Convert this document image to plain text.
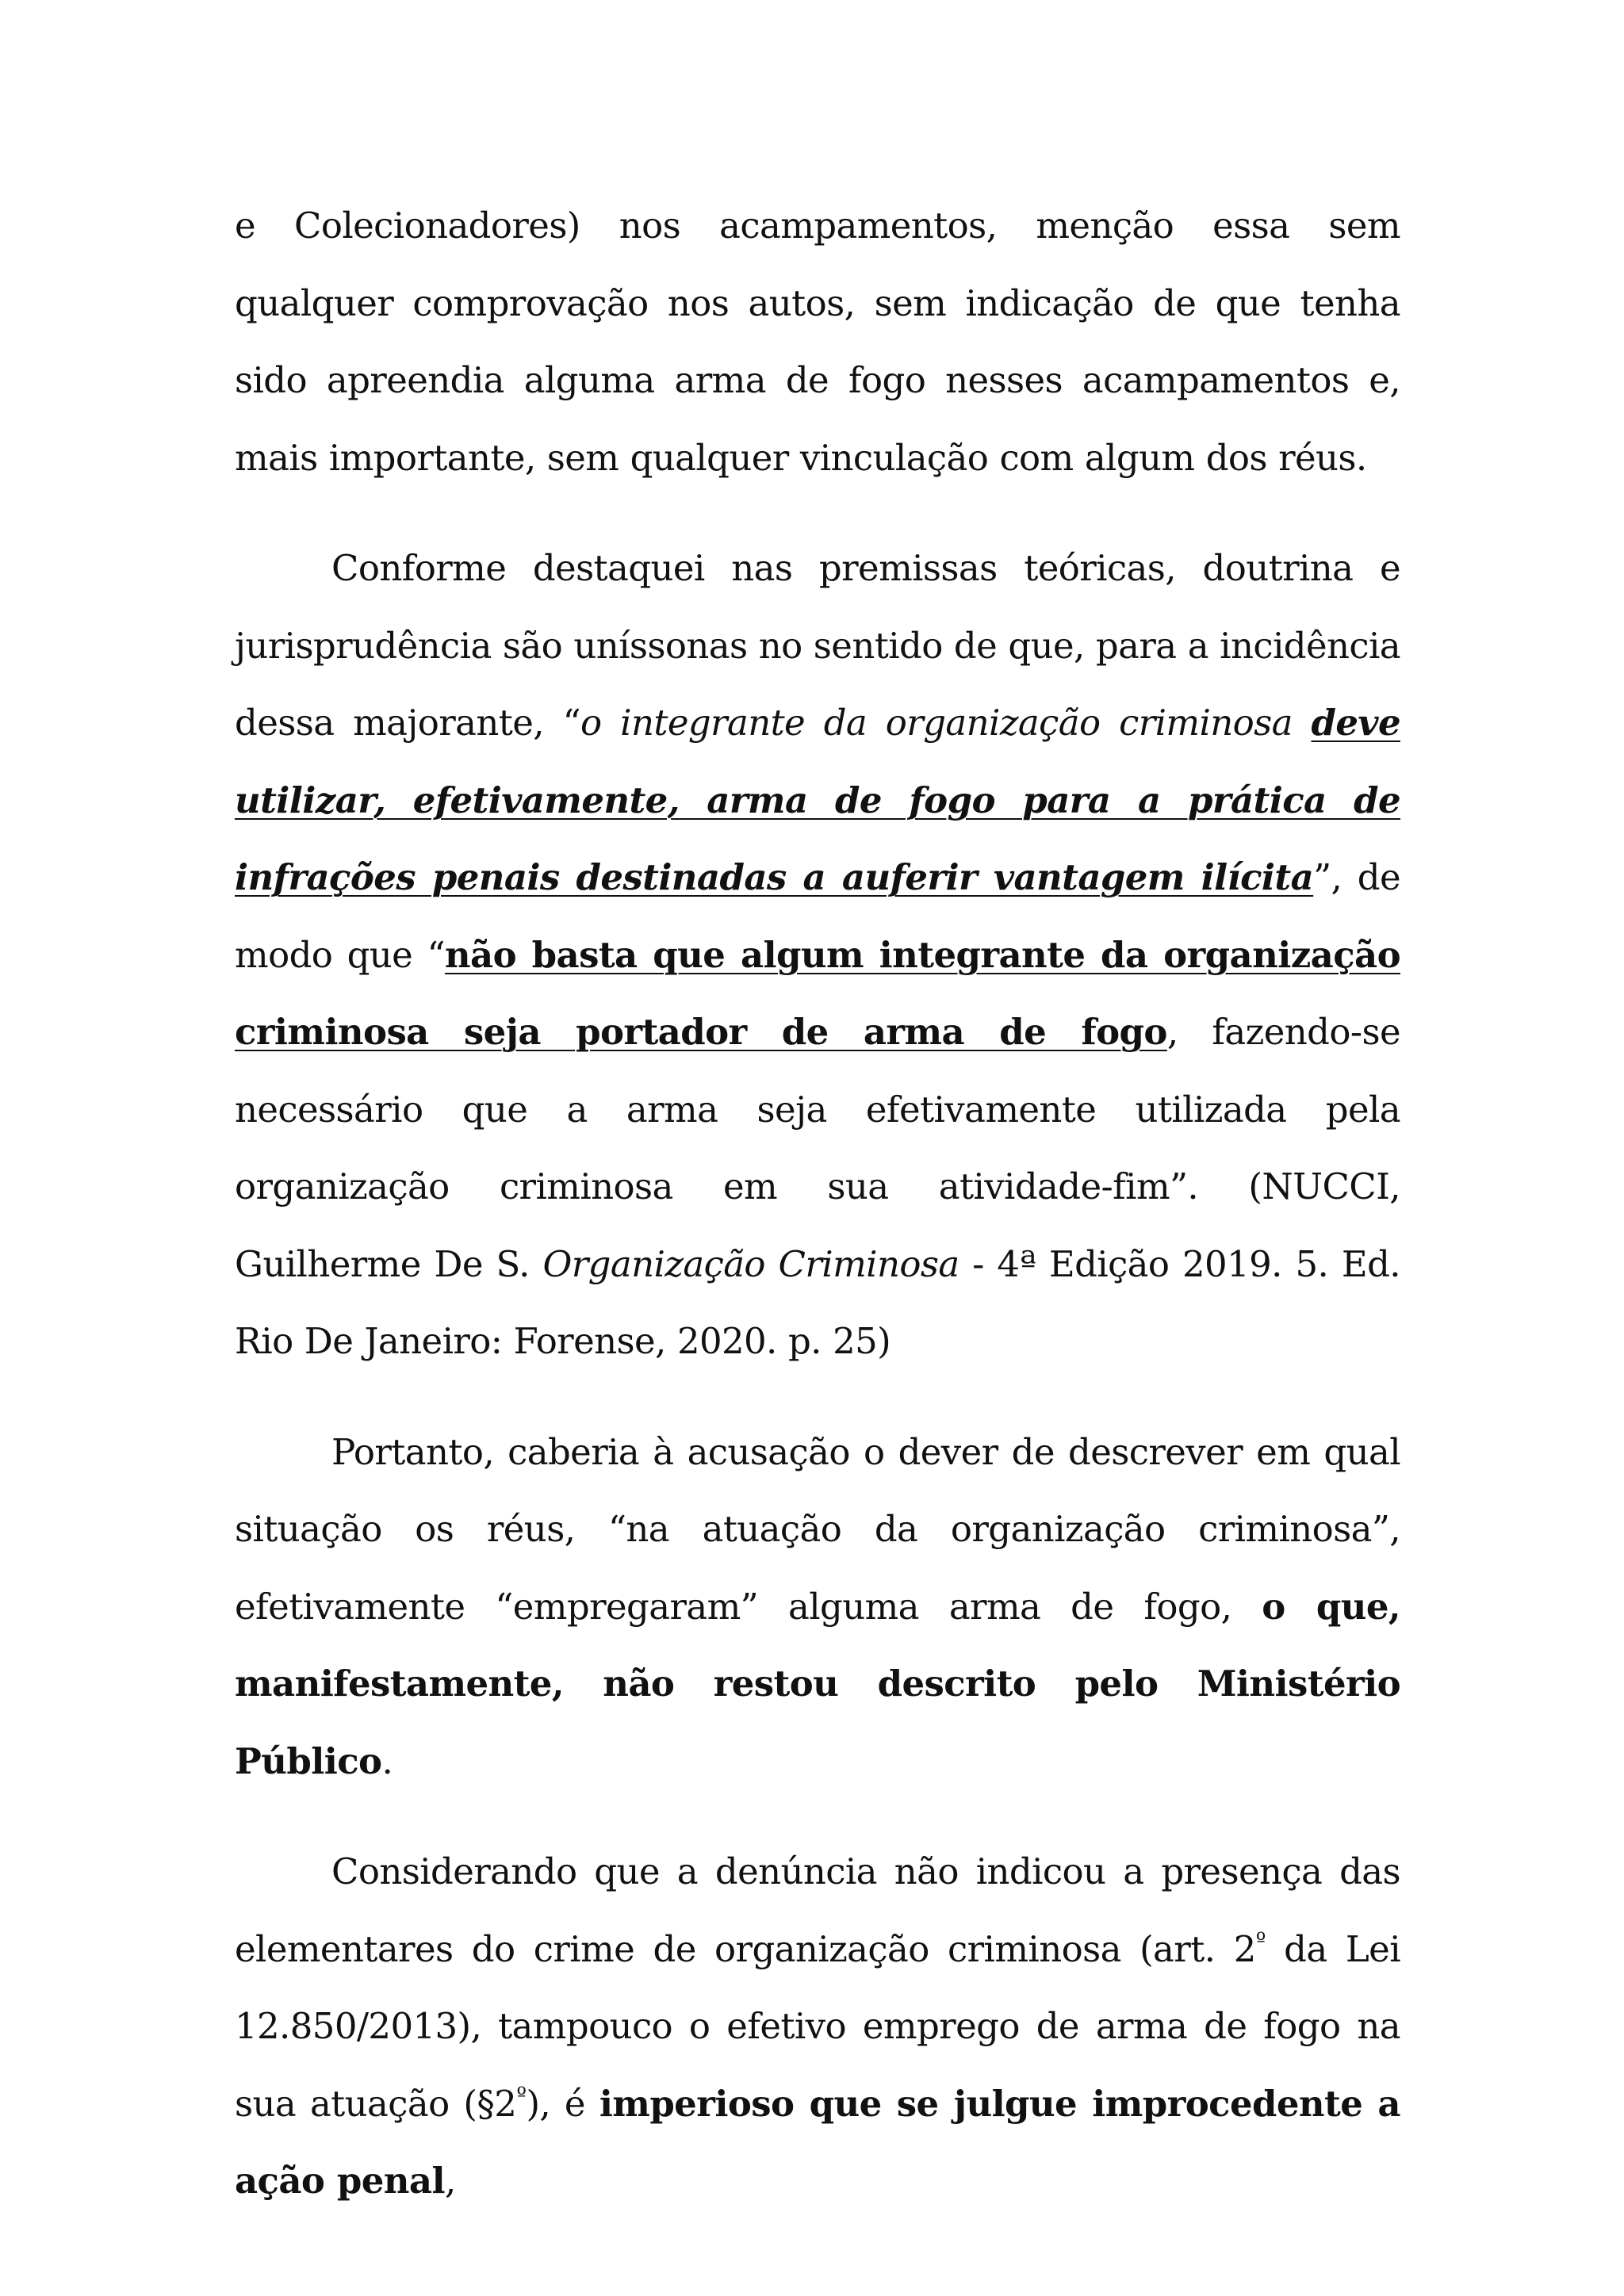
e Colecionadores) nos acampamentos, menção essa sem qualquer comprovação nos autos, sem indicação de que tenha sido apreendia alguma arma de fogo nesses acampamentos e, mais importante, sem qualquer vinculação com algum dos réus.

Conforme destaquei nas premissas teóricas, doutrina e jurisprudência são uníssonas no sentido de que, para a incidência dessa majorante, “o integrante da organização criminosa deve utilizar, efetivamente, arma de fogo para a prática de infrações penais destinadas a auferir vantagem ilícita”, de modo que “não basta que algum integrante da organização criminosa seja portador de arma de fogo, fazendo-se necessário que a arma seja efetivamente utilizada pela organização criminosa em sua atividade-fim”. (NUCCI, Guilherme De S. Organização Criminosa - 4ª Edição 2019. 5. Ed. Rio De Janeiro: Forense, 2020. p. 25)

Portanto, caberia à acusação o dever de descrever em qual situação os réus, “na atuação da organização criminosa”, efetivamente “empregaram” alguma arma de fogo, o que, manifestamente, não restou descrito pelo Ministério Público.

Considerando que a denúncia não indicou a presença das elementares do crime de organização criminosa (art. $2^º$ da Lei 12.850/2013), tampouco o efetivo emprego de arma de fogo na sua atuação $(\S 2^º)$, é imperioso que se julgue improcedente a ação penal,
